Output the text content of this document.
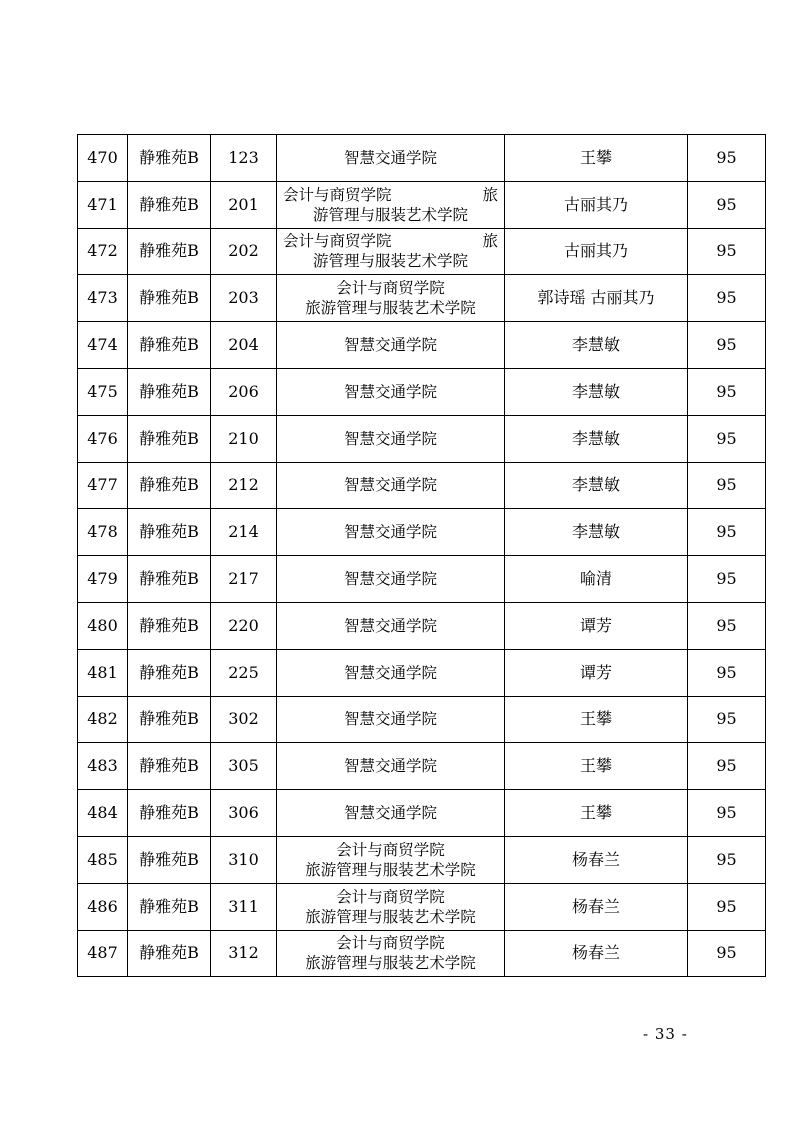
470	静雅苑B	123	智慧交通学院	王攀	95
471	静雅苑B	201	会计与商贸学院 旅
游管理与服装艺术学院	古丽其乃	95
472	静雅苑B	202	会计与商贸学院 旅
游管理与服装艺术学院	古丽其乃	95
473	静雅苑B	203	会计与商贸学院
旅游管理与服装艺术学院	郭诗瑶 古丽其乃	95
474	静雅苑B	204	智慧交通学院	李慧敏	95
475	静雅苑B	206	智慧交通学院	李慧敏	95
476	静雅苑B	210	智慧交通学院	李慧敏	95
477	静雅苑B	212	智慧交通学院	李慧敏	95
478	静雅苑B	214	智慧交通学院	李慧敏	95
479	静雅苑B	217	智慧交通学院	喻清	95
480	静雅苑B	220	智慧交通学院	谭芳	95
481	静雅苑B	225	智慧交通学院	谭芳	95
482	静雅苑B	302	智慧交通学院	王攀	95
483	静雅苑B	305	智慧交通学院	王攀	95
484	静雅苑B	306	智慧交通学院	王攀	95
485	静雅苑B	310	会计与商贸学院
旅游管理与服装艺术学院	杨春兰	95
486	静雅苑B	311	会计与商贸学院
旅游管理与服装艺术学院	杨春兰	95
487	静雅苑B	312	会计与商贸学院
旅游管理与服装艺术学院	杨春兰	95
- 33 -
